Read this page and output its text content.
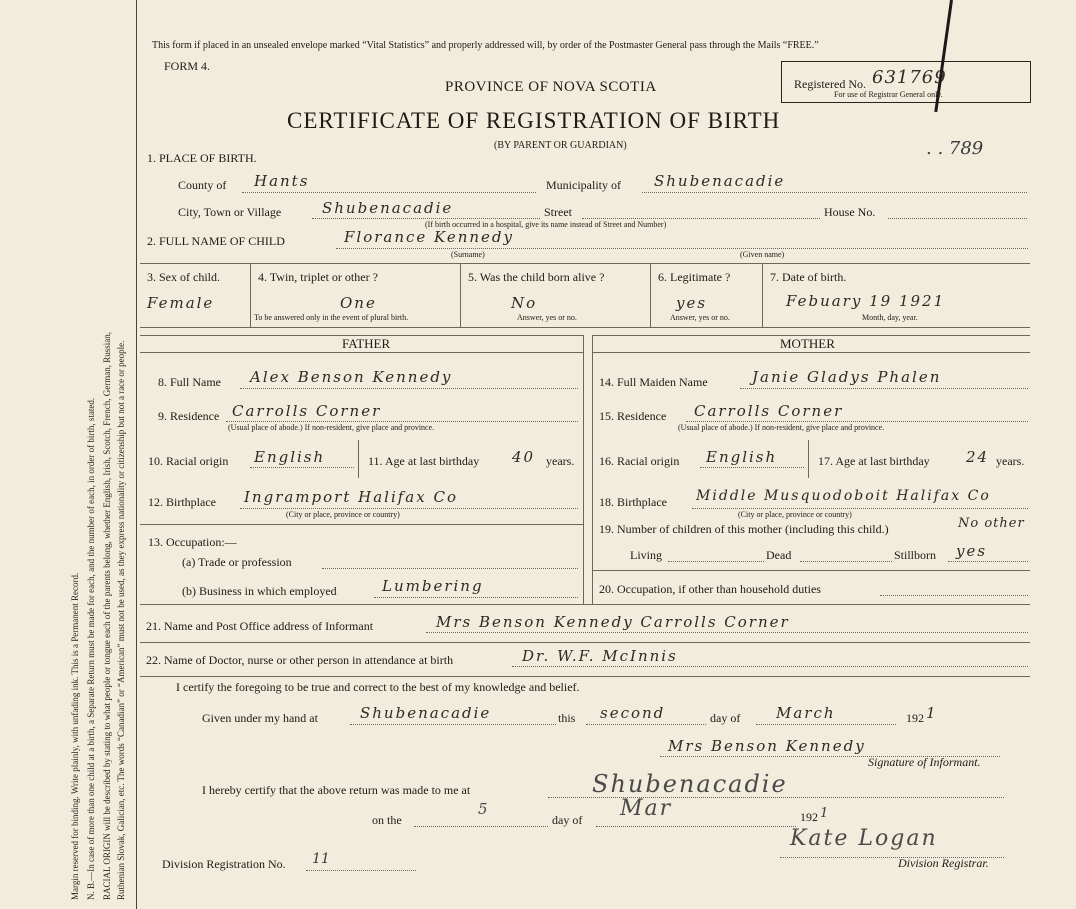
Margin reserved for binding. Write plainly, with unfading ink. This is a Permanent Record. N. B.—In case of more than one child at a birth, a Separate Return must be made for each, and the number of each, in order of birth, stated. RACIAL ORIGIN will be described by stating to what people or tongue each of the parents belong, whether English, Irish, Scotch, French, German, Russian, Ruthenian Slovak, Galician, etc. The words “Canadian” or “American” must not be used, as they express nationality or citizenship but not a race or people.
This form if placed in an unsealed envelope marked “Vital Statistics” and properly addressed will, by order of the Postmaster General pass through the Mails “FREE.”
FORM 4.
Registered No. 631769
For use of Registrar General only.
. . 789
PROVINCE OF NOVA SCOTIA
CERTIFICATE OF REGISTRATION OF BIRTH
(BY PARENT OR GUARDIAN)
1. PLACE OF BIRTH.
County of Hants	Municipality of Shubenacadie
City, Town or Village	Shubenacadie	Street	House No.
(If birth occurred in a hospital, give its name instead of Street and Number)
2. FULL NAME OF CHILD	Florance Kennedy
(Surname)	(Given name)
3. Sex of child.
Female
4. Twin, triplet or other ?
One
To be answered only in the event of plural birth.
5. Was the child born alive ?
No
Answer, yes or no.
6. Legitimate ?
yes
Answer, yes or no.
7. Date of birth.
Febuary 19 1921
Month, day, year.
FATHER	MOTHER
8. Full Name Alex Benson Kennedy
9. Residence Carrolls Corner
(Usual place of abode.) If non-resident, give place and province.
10. Racial origin English	11. Age at last birthday 40 years.
12. Birthplace Ingramport Halifax Co
(City or place, province or country)
13. Occupation:—
(a) Trade or profession
(b) Business in which employed	Lumbering
14. Full Maiden Name	Janie Gladys Phalen
15. Residence Carrolls Corner
(Usual place of abode.) If non-resident, give place and province.
16. Racial origin English	17. Age at last birthday 24 years.
18. Birthplace Middle Musquodoboit Halifax Co
(City or place, province or country)
19. Number of children of this mother (including this child.)	No other
Living	Dead	Stillborn yes
20. Occupation, if other than household duties
21. Name and Post Office address of Informant	Mrs Benson Kennedy Carrolls Corner
22. Name of Doctor, nurse or other person in attendance at birth	Dr. W.F. McInnis
I certify the foregoing to be true and correct to the best of my knowledge and belief.
Given under my hand at	Shubenacadie	this second	day of March	192 1
Mrs Benson Kennedy
Signature of Informant.
I hereby certify that the above return was made to me at	Shubenacadie
on the
5
day of Mar	192 1
Kate Logan
Division Registrar.
Division Registration No. 11
